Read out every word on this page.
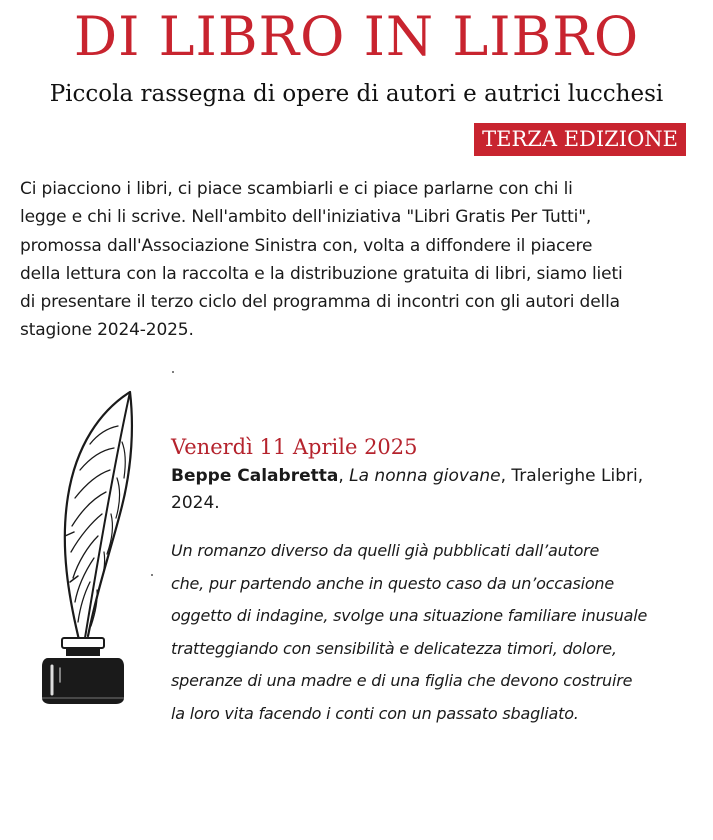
DI LIBRO IN LIBRO
Piccola rassegna di opere di autori e autrici lucchesi
TERZA EDIZIONE
Ci piacciono i libri, ci piace scambiarli e ci piace parlarne con chi li
legge e chi li scrive. Nell'ambito dell'iniziativa "Libri Gratis Per Tutti",
promossa dall'Associazione Sinistra con, volta a diffondere il piacere
della lettura con la raccolta e la distribuzione gratuita di libri, siamo lieti
di presentare il terzo ciclo del programma di incontri con gli autori della
stagione 2024-2025.
Venerdì 11 Aprile 2025
Beppe Calabretta, La nonna giovane, Tralerighe Libri,
2024.
Un romanzo diverso da quelli già pubblicati dall’autore
che, pur partendo anche in questo caso da un’occasione
oggetto di indagine, svolge una situazione familiare inusuale
tratteggiando con sensibilità e delicatezza timori, dolore,
speranze di una madre e di una figlia che devono costruire
la loro vita facendo i conti con un passato sbagliato.
